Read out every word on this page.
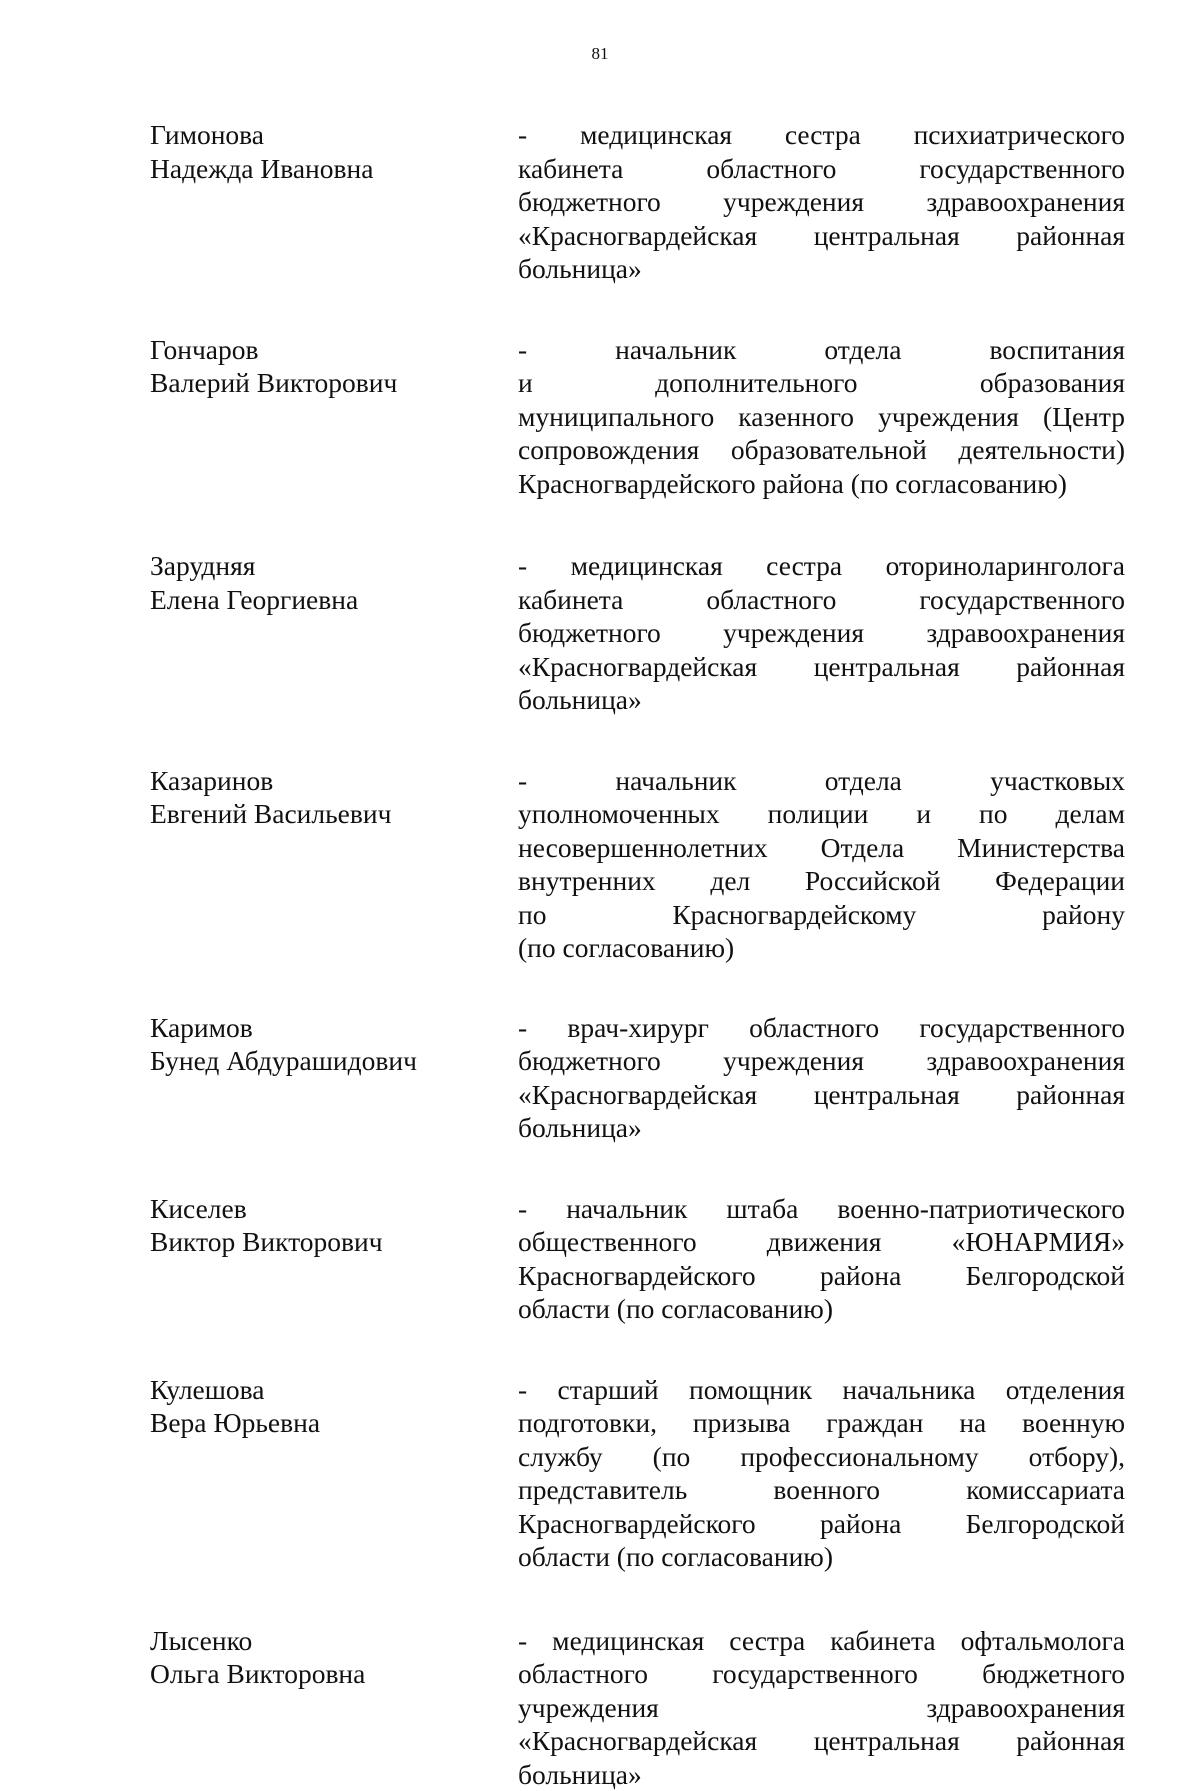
81
Гимонова
Надежда Ивановна
- медицинская сестра психиатрического
кабинета областного государственного
бюджетного учреждения здравоохранения
«Красногвардейская центральная районная
больница»
Гончаров
Валерий Викторович
- начальник отдела воспитания
и дополнительного образования
муниципального казенного учреждения (Центр
сопровождения образовательной деятельности)
Красногвардейского района (по согласованию)
Зарудняя
Елена Георгиевна
- медицинская сестра оториноларинголога
кабинета областного государственного
бюджетного учреждения здравоохранения
«Красногвардейская центральная районная
больница»
Казаринов
Евгений Васильевич
- начальник отдела участковых
уполномоченных полиции и по делам
несовершеннолетних Отдела Министерства
внутренних дел Российской Федерации
по Красногвардейскому району
(по согласованию)
Каримов
Бунед Абдурашидович
- врач-хирург областного государственного
бюджетного учреждения здравоохранения
«Красногвардейская центральная районная
больница»
Киселев
Виктор Викторович
- начальник штаба военно-патриотического
общественного движения «ЮНАРМИЯ»
Красногвардейского района Белгородской
области (по согласованию)
Кулешова
Вера Юрьевна
- старший помощник начальника отделения
подготовки, призыва граждан на военную
службу (по профессиональному отбору),
представитель военного комиссариата
Красногвардейского района Белгородской
области (по согласованию)
Лысенко
Ольга Викторовна
- медицинская сестра кабинета офтальмолога
областного государственного бюджетного
учреждения здравоохранения
«Красногвардейская центральная районная
больница»
